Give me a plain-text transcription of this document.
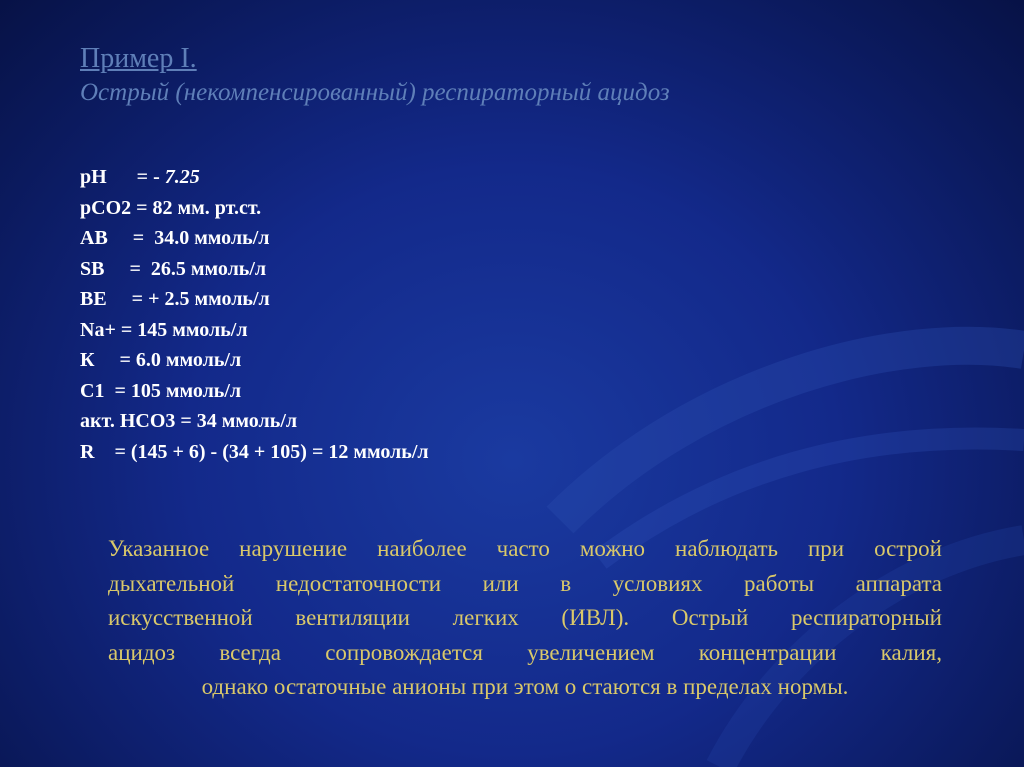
Пример I.
Острый (некомпенсированный) респираторный ацидоз
pH      = - 7.25
pCO2 = 82 мм. рт.ст.
AB     =  34.0 ммоль/л
SB     =  26.5 ммоль/л
BE     = + 2.5 ммоль/л
Na+ = 145 ммоль/л
К     = 6.0 ммоль/л
С1  = 105 ммоль/л
акт. НСО3 = 34 ммоль/л
R    = (145 + 6) - (34 + 105) = 12 ммоль/л
Указанное нарушение наиболее часто можно наблюдать при острой
дыхательной недостаточности или в условиях работы аппарата
искусственной вентиляции легких (ИВЛ). Острый респираторный
ацидоз всегда сопровождается увеличением концентрации калия,
однако остаточные анионы при этом о стаются в пределах нормы.
